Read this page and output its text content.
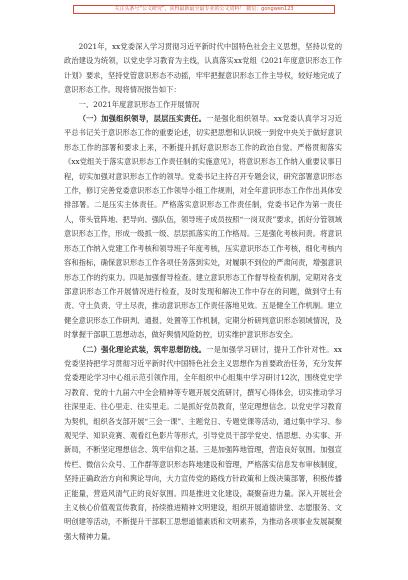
关注头条号“公文研究”，获得最新最全最专业的公文资料！ 微信：gongwen123

2021年，xx党委深入学习贯彻习近平新时代中国特色社会主义思想，坚持以党的政治建设为统领，以党史学习教育为主线，认真落实xx党组《2021年度意识形态工作计划》要求，坚持党管意识形态不动摇，牢牢把握意识形态工作主导权，较好地完成了意识形态工作。现将情况报告如下：

一、2021年度意识形态工作开展情况

（一）加强组织领导，层层压实责任。一是强化组织领导。xx党委认真学习习近平总书记关于意识形态工作的重要论述，切实把思想和认识统一到党中央关于做好意识形态工作的部署和要求上来，不断提升抓好意识形态工作的政治自觉。严格贯彻落实《xx党组关于落实意识形态工作责任制的实施意见》，将意识形态工作纳入重要议事日程，切实加强对意识形态工作的领导。党委书记主持召开专题会议，研究部署意识形态工作，修订完善党委意识形态工作领导小组工作规则，对全年意识形态工作作出具体安排部署。二是压实主体责任。严格落实意识形态工作责任制，党委书记作为第一责任人，带头管阵地、把导向、强队伍，领导班子成员按照“一岗双责”要求，抓好分管领域意识形态工作，形成一级抓一级、层层抓落实的工作格局。三是强化考核问责。将意识形态工作纳入党建工作考核和领导班子年度考核，压实意识形态工作考核，细化考核内容和指标，确保意识形态工作各项任务落到实处，对履职不到位的严肃问责，增强意识形态工作的约束力。四是加强督导检查。建立意识形态工作督导检查机制，定期对各支部意识形态工作开展情况进行检查，及时发现和解决工作中存在的问题，做到守土有责、守土负责、守土尽责，推动意识形态工作责任落地见效。五是健全工作机制。建立健全意识形态工作研判、通报、处置等工作机制，定期分析研判意识形态领域情况，及时掌握干部职工思想动态，做好舆情风险防控，切实维护意识形态安全。

（二）强化理论武装，筑牢思想防线。一是加强学习研讨，提升工作针对性。xx党委坚持把学习贯彻习近平新时代中国特色社会主义思想作为首要政治任务，充分发挥党委理论学习中心组示范引领作用，全年组织中心组集中学习研讨12次，围绕党史学习教育、党的十九届六中全会精神等专题开展交流研讨，撰写心得体会，切实推动学习往深里走、往心里走、往实里走。二是抓好党员教育，坚定理想信念。以党史学习教育为契机，组织各支部开展“三会一课”、主题党日、专题党课等活动，通过集中学习、参观见学、知识竞赛、观看红色影片等形式，引导党员干部学党史、悟思想、办实事、开新局，不断坚定理想信念、筑牢信仰之基。三是加强阵地管理，营造良好氛围。加强宣传栏、微信公众号、工作群等意识形态阵地建设和管理，严格落实信息发布审核制度，坚持正确政治方向和舆论导向，大力宣传党的路线方针政策和上级决策部署，积极传播正能量，营造风清气正的良好氛围。四是推进文化建设，凝聚奋进力量。深入开展社会主义核心价值观宣传教育，持续推进精神文明建设，组织开展道德讲堂、志愿服务、文明创建等活动，不断提升干部职工思想道德素质和文明素养，为推动各项事业发展凝聚强大精神力量。
